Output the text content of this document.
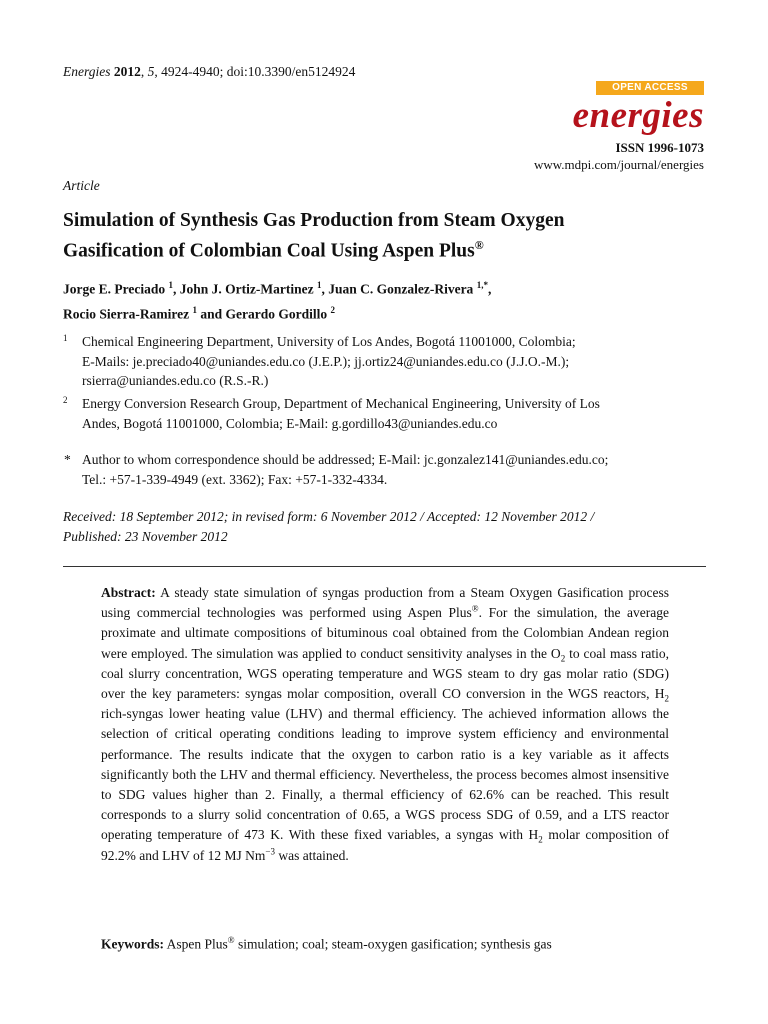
Energies 2012, 5, 4924-4940; doi:10.3390/en5124924
OPEN ACCESS
energies
ISSN 1996-1073
www.mdpi.com/journal/energies
Article
Simulation of Synthesis Gas Production from Steam Oxygen
Gasification of Colombian Coal Using Aspen Plus®
Jorge E. Preciado $^1$, John J. Ortiz-Martinez $^1$, Juan C. Gonzalez-Rivera $^{1,*}$,
Rocio Sierra-Ramirez $^1$ and Gerardo Gordillo $^2$
1 Chemical Engineering Department, University of Los Andes, Bogotá 11001000, Colombia;
E-Mails: je.preciado40@uniandes.edu.co (J.E.P.); jj.ortiz24@uniandes.edu.co (J.J.O.-M.);
rsierra@uniandes.edu.co (R.S.-R.)
2 Energy Conversion Research Group, Department of Mechanical Engineering, University of Los
Andes, Bogotá 11001000, Colombia; E-Mail: g.gordillo43@uniandes.edu.co
* Author to whom correspondence should be addressed; E-Mail: jc.gonzalez141@uniandes.edu.co;
Tel.: +57-1-339-4949 (ext. 3362); Fax: +57-1-332-4334.
Received: 18 September 2012; in revised form: 6 November 2012 / Accepted: 12 November 2012 /
Published: 23 November 2012
Abstract: A steady state simulation of syngas production from a Steam Oxygen Gasification process using commercial technologies was performed using Aspen Plus®. For the simulation, the average proximate and ultimate compositions of bituminous coal obtained from the Colombian Andean region were employed. The simulation was applied to conduct sensitivity analyses in the $O_2$ to coal mass ratio, coal slurry concentration, WGS operating temperature and WGS steam to dry gas molar ratio (SDG) over the key parameters: syngas molar composition, overall CO conversion in the WGS reactors, $H_2$ rich-syngas lower heating value (LHV) and thermal efficiency. The achieved information allows the selection of critical operating conditions leading to improve system efficiency and environmental performance. The results indicate that the oxygen to carbon ratio is a key variable as it affects significantly both the LHV and thermal efficiency. Nevertheless, the process becomes almost insensitive to SDG values higher than 2. Finally, a thermal efficiency of 62.6% can be reached. This result corresponds to a slurry solid concentration of 0.65, a WGS process SDG of 0.59, and a LTS reactor operating temperature of 473 K. With these fixed variables, a syngas with $H_2$ molar composition of 92.2% and LHV of 12 MJ $Nm^{-3}$ was attained.
Keywords: Aspen Plus® simulation; coal; steam-oxygen gasification; synthesis gas
